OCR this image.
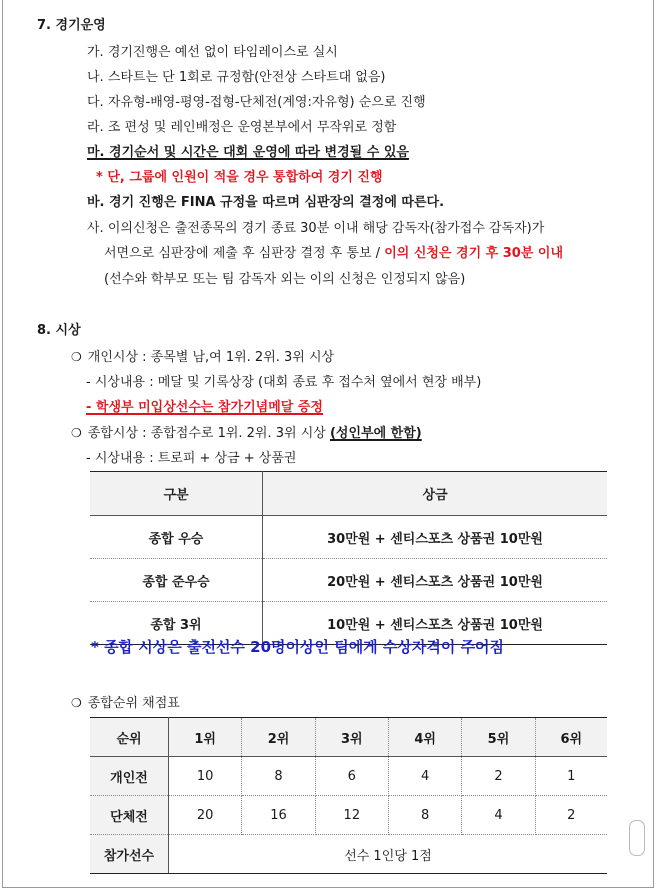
7. 경기운영
가. 경기진행은 예선 없이 타임레이스로 실시
나. 스타트는 단 1회로 규정함(안전상 스타트대 없음)
다. 자유형-배영-평영-접형-단체전(계영:자유형) 순으로 진행
라. 조 편성 및 레인배정은 운영본부에서 무작위로 정함
마. 경기순서 및 시간은 대회 운영에 따라 변경될 수 있음
* 단, 그룹에 인원이 적을 경우 통합하여 경기 진행
바. 경기 진행은 FINA 규정을 따르며 심판장의 결정에 따른다.
사. 이의신청은 출전종목의 경기 종료 30분 이내 해당 감독자(참가접수 감독자)가
서면으로 심판장에 제출 후 심판장 결정 후 통보 / 이의 신청은 경기 후 30분 이내
(선수와 학부모 또는 팀 감독자 외는 이의 신청은 인정되지 않음)
8. 시상
❍ 개인시상 : 종목별 남,여 1위. 2위. 3위 시상
- 시상내용 : 메달 및 기록상장 (대회 종료 후 접수처 옆에서 현장 배부)
- 학생부 미입상선수는 참가기념메달 증정
❍ 종합시상 : 종합점수로 1위. 2위. 3위 시상 (성인부에 한함)
- 시상내용 : 트로피 + 상금 + 상품권
구분	상금
종합 우승	30만원 + 센티스포츠 상품권 10만원
종합 준우승	20만원 + 센티스포츠 상품권 10만원
종합 3위	10만원 + 센티스포츠 상품권 10만원
* 종합 시상은 출전선수 20명이상인 팀에게 수상자격이 주어짐
❍ 종합순위 채점표
순위	1위	2위	3위	4위	5위	6위
개인전	10	8	6	4	2	1
단체전	20	16	12	8	4	2
참가선수	선수 1인당 1점					
